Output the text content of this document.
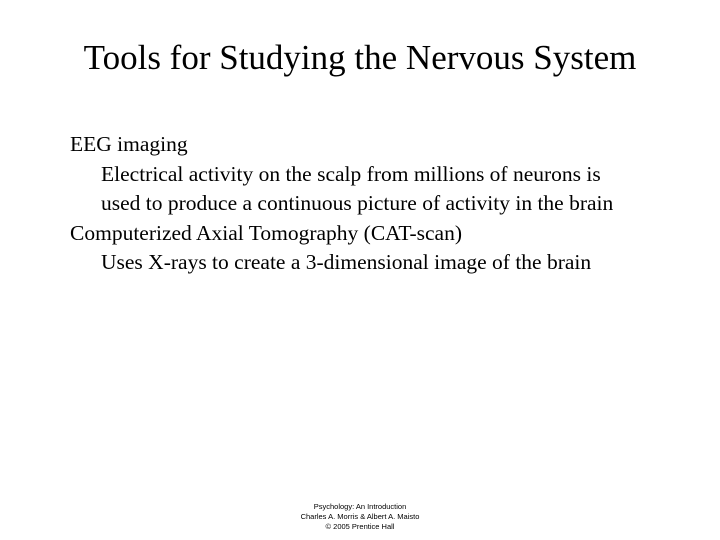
Tools for Studying the Nervous System
EEG imaging
Electrical activity on the scalp from millions of neurons is
used to produce a continuous picture of activity in the brain
Computerized Axial Tomography (CAT-scan)
Uses X-rays to create a 3-dimensional image of the brain
Psychology: An Introduction
Charles A. Morris & Albert A. Maisto
© 2005 Prentice Hall
